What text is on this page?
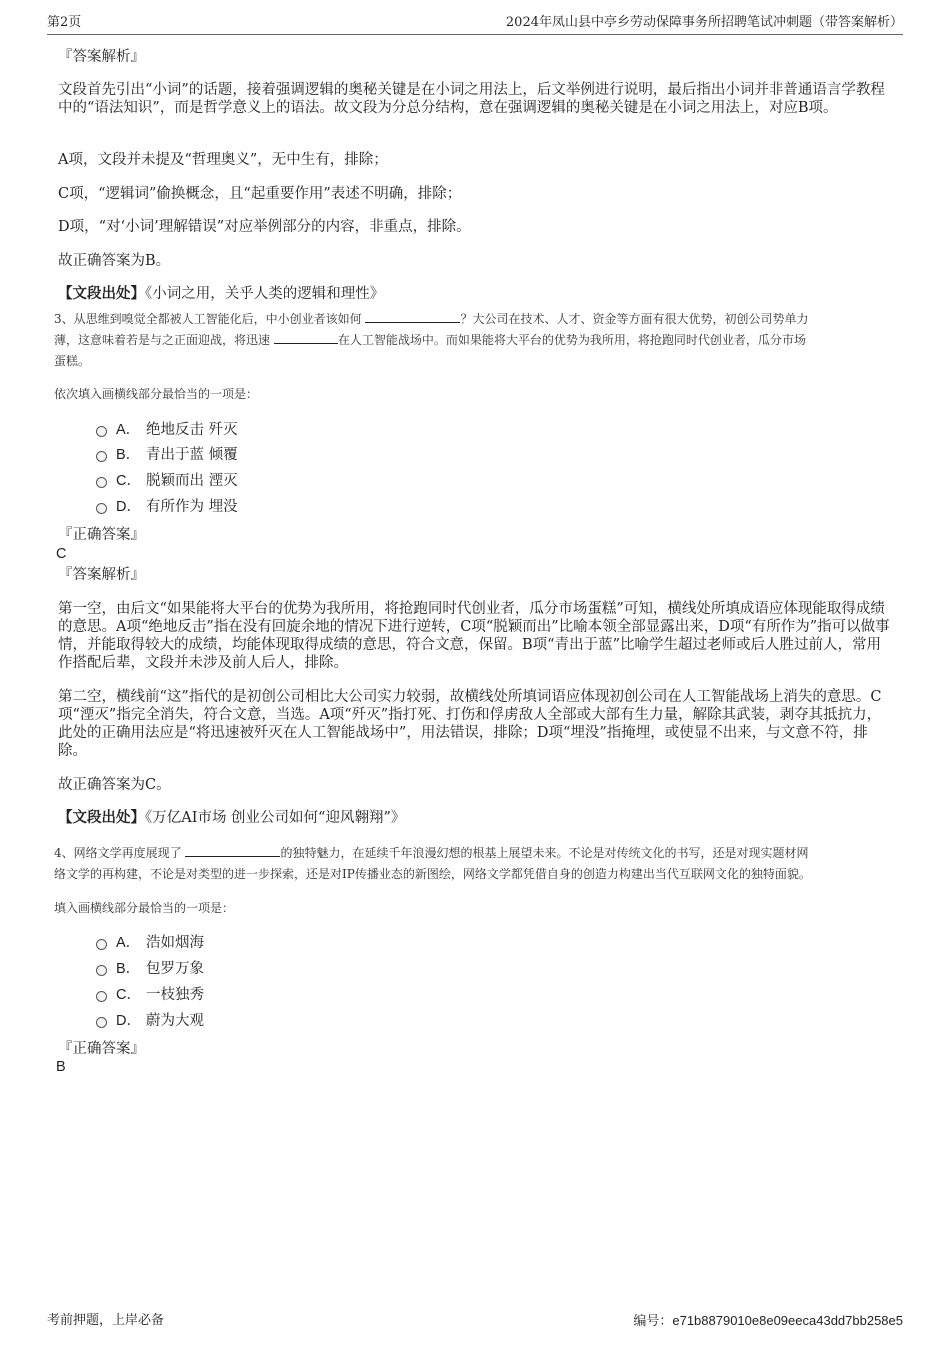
第2页	2024年凤山县中亭乡劳动保障事务所招聘笔试冲刺题（带答案解析）
『答案解析』
文段首先引出“小词”的话题，接着强调逻辑的奥秘关键是在小词之用法上，后文举例进行说明，最后指出小词并非普通语言学教程中的“语法知识”，而是哲学意义上的语法。故文段为分总分结构，意在强调逻辑的奥秘关键是在小词之用法上，对应B项。
A项，文段并未提及“哲理奥义”，无中生有，排除；
C项，“逻辑词”偷换概念，且“起重要作用”表述不明确，排除；
D项，“对‘小词’理解错误”对应举例部分的内容，非重点，排除。
故正确答案为B。
【文段出处】《小词之用，关乎人类的逻辑和理性》
3、从思维到嗅觉全都被人工智能化后，中小创业者该如何	？大公司在技术、人才、资金等方面有很大优势，初创公司势单力
薄，这意味着若是与之正面迎战，将迅速	在人工智能战场中。而如果能将大平台的优势为我所用，将抢跑同时代创业者，瓜分市场
蛋糕。
依次填入画横线部分最恰当的一项是：
A． 绝地反击 歼灭
B． 青出于蓝 倾覆
C． 脱颖而出 湮灭
D． 有所作为 埋没
『正确答案』
C
『答案解析』
第一空，由后文“如果能将大平台的优势为我所用，将抢跑同时代创业者，瓜分市场蛋糕”可知，横线处所填成语应体现能取得成绩的意思。A项“绝地反击”指在没有回旋余地的情况下进行逆转，C项“脱颖而出”比喻本领全部显露出来，D项“有所作为”指可以做事情，并能取得较大的成绩，均能体现取得成绩的意思，符合文意，保留。B项“青出于蓝”比喻学生超过老师或后人胜过前人，常用作搭配后辈，文段并未涉及前人后人，排除。
第二空，横线前“这”指代的是初创公司相比大公司实力较弱，故横线处所填词语应体现初创公司在人工智能战场上消失的意思。C项“湮灭”指完全消失，符合文意，当选。A项“歼灭”指打死、打伤和俘虏敌人全部或大部有生力量，解除其武装，剥夺其抵抗力，此处的正确用法应是“将迅速被歼灭在人工智能战场中”，用法错误，排除；D项“埋没”指掩埋，或使显不出来，与文意不符，排除。
故正确答案为C。
【文段出处】《万亿AI市场 创业公司如何“迎风翱翔”》
4、网络文学再度展现了	的独特魅力，在延续千年浪漫幻想的根基上展望未来。不论是对传统文化的书写，还是对现实题材网
络文学的再构建，不论是对类型的进一步探索，还是对IP传播业态的新图绘，网络文学都凭借自身的创造力构建出当代互联网文化的独特面貌。
填入画横线部分最恰当的一项是：
A． 浩如烟海
B． 包罗万象
C． 一枝独秀
D． 蔚为大观
『正确答案』
B
考前押题，上岸必备	编号：e71b8879010e8e09eeca43dd7bb258e5
